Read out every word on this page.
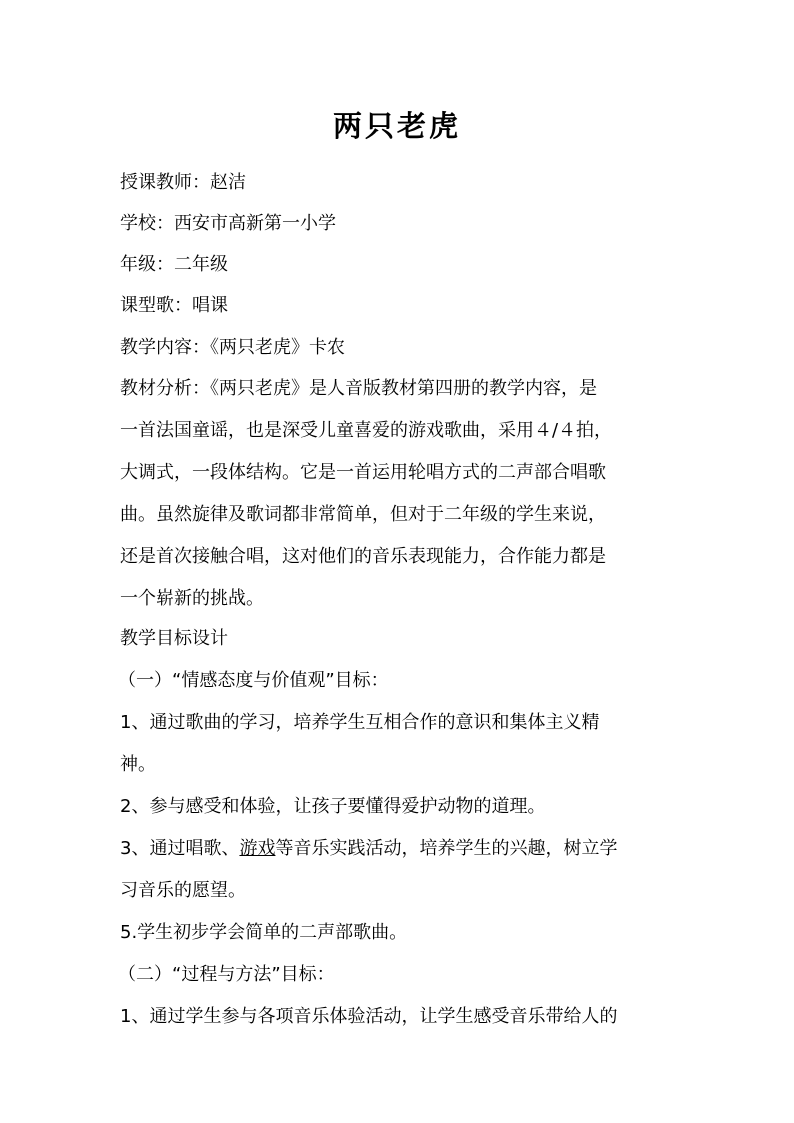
两只老虎
授课教师：赵洁
学校：西安市高新第一小学
年级：二年级
课型歌：唱课
教学内容：《两只老虎》卡农
教材分析：《两只老虎》是人音版教材第四册的教学内容，是
一首法国童谣，也是深受儿童喜爱的游戏歌曲，采用４/４拍，
大调式，一段体结构。它是一首运用轮唱方式的二声部合唱歌
曲。虽然旋律及歌词都非常简单，但对于二年级的学生来说，
还是首次接触合唱，这对他们的音乐表现能力，合作能力都是
一个崭新的挑战。
教学目标设计
（一）“情感态度与价值观”目标：
1、通过歌曲的学习，培养学生互相合作的意识和集体主义精
神。
2、参与感受和体验，让孩子要懂得爱护动物的道理。
3、通过唱歌、游戏等音乐实践活动，培养学生的兴趣，树立学
习音乐的愿望。
5.学生初步学会简单的二声部歌曲。
（二）“过程与方法”目标：
1、通过学生参与各项音乐体验活动，让学生感受音乐带给人的
